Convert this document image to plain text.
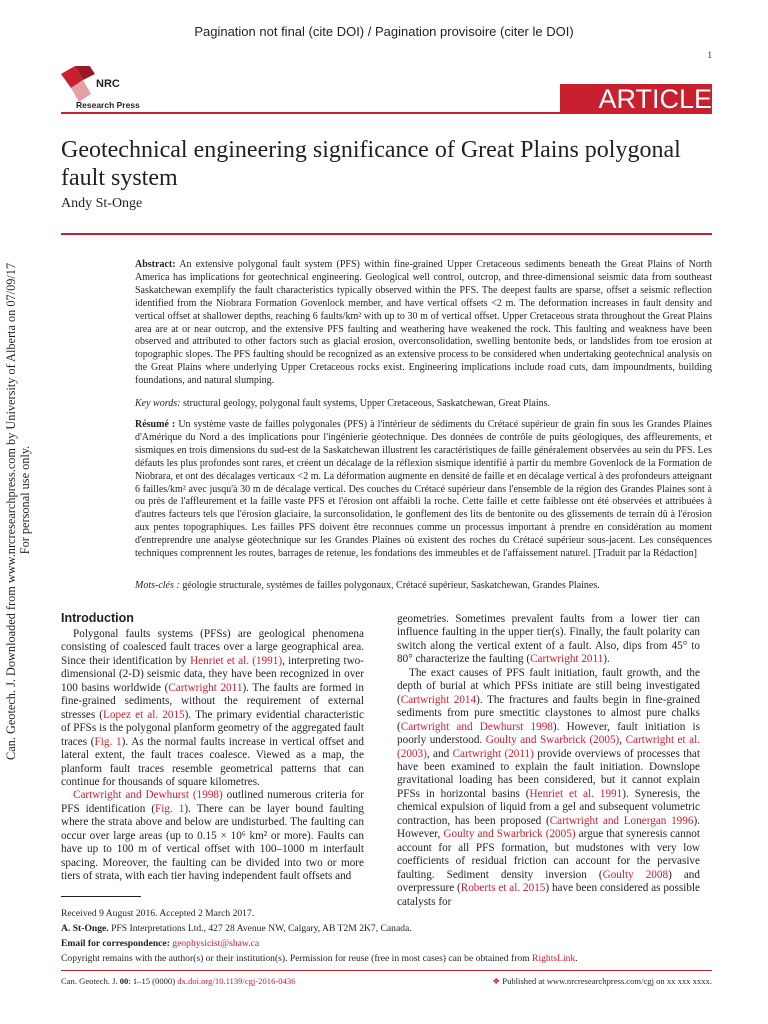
Pagination not final (cite DOI) / Pagination provisoire (citer le DOI)
1
NRC
Research Press	ARTICLE
Geotechnical engineering significance of Great Plains polygonal fault system
Andy St-Onge
Can. Geotech. J. Downloaded from www.nrcresearchpress.com by University of Alberta on 07/09/17 For personal use only.
Abstract: An extensive polygonal fault system (PFS) within fine-grained Upper Cretaceous sediments beneath the Great Plains of North America has implications for geotechnical engineering. Geological well control, outcrop, and three-dimensional seismic data from southeast Saskatchewan exemplify the fault characteristics typically observed within the PFS. The deepest faults are sparse, offset a seismic reflection identified from the Niobrara Formation Govenlock member, and have vertical offsets <2 m. The deformation increases in fault density and vertical offset at shallower depths, reaching 6 faults/km² with up to 30 m of vertical offset. Upper Cretaceous strata throughout the Great Plains area are at or near outcrop, and the extensive PFS faulting and weathering have weakened the rock. This faulting and weakness have been observed and attributed to other factors such as glacial erosion, overconsolidation, swelling bentonite beds, or landslides from toe erosion at topographic slopes. The PFS faulting should be recognized as an extensive process to be considered when undertaking geotechnical analysis on the Great Plains where underlying Upper Cretaceous rocks exist. Engineering implications include road cuts, dam impoundments, building foundations, and natural slumping.
Key words: structural geology, polygonal fault systems, Upper Cretaceous, Saskatchewan, Great Plains.
Résumé : Un système vaste de failles polygonales (PFS) à l'intérieur de sédiments du Crétacé supérieur de grain fin sous les Grandes Plaines d'Amérique du Nord a des implications pour l'ingénierie géotechnique. Des données de contrôle de puits géologiques, des affleurements, et sismiques en trois dimensions du sud-est de la Saskatchewan illustrent les caractéristiques de faille généralement observées au sein du PFS. Les défauts les plus profondes sont rares, et créent un décalage de la réflexion sismique identifié à partir du membre Govenlock de la Formation de Niobrara, et ont des décalages verticaux <2 m. La déformation augmente en densité de faille et en décalage vertical à des profondeurs atteignant 6 failles/km² avec jusqu'à 30 m de décalage vertical. Des couches du Crétacé supérieur dans l'ensemble de la région des Grandes Plaines sont à ou près de l'affleurement et la faille vaste PFS et l'érosion ont affaibli la roche. Cette faille et cette faiblesse ont été observées et attribuées à d'autres facteurs tels que l'érosion glaciaire, la surconsolidation, le gonflement des lits de bentonite ou des glissements de terrain dû à l'érosion aux pentes topographiques. Les failles PFS doivent être reconnues comme un processus important à prendre en considération au moment d'entreprendre une analyse géotechnique sur les Grandes Plaines où existent des roches du Crétacé supérieur sous-jacent. Les conséquences techniques comprennent les routes, barrages de retenue, les fondations des immeubles et de l'affaissement naturel. [Traduit par la Rédaction]
Mots-clés : géologie structurale, systèmes de failles polygonaux, Crétacé supérieur, Saskatchewan, Grandes Plaines.
Introduction

Polygonal faults systems (PFSs) are geological phenomena consisting of coalesced fault traces over a large geographical area. Since their identification by Henriet et al. (1991), interpreting two-dimensional (2-D) seismic data, they have been recognized in over 100 basins worldwide (Cartwright 2011). The faults are formed in fine-grained sediments, without the requirement of external stresses (Lopez et al. 2015). The primary evidential characteristic of PFSs is the polygonal planform geometry of the aggregated fault traces (Fig. 1). As the normal faults increase in vertical offset and lateral extent, the fault traces coalesce. Viewed as a map, the planform fault traces resemble geometrical patterns that can continue for thousands of square kilometres.

Cartwright and Dewhurst (1998) outlined numerous criteria for PFS identification (Fig. 1). There can be layer bound faulting where the strata above and below are undisturbed. The faulting can occur over large areas (up to 0.15 × 10⁶ km² or more). Faults can have up to 100 m of vertical offset with 100–1000 m interfault spacing. Moreover, the faulting can be divided into two or more tiers of strata, with each tier having independent fault offsets and

geometries. Sometimes prevalent faults from a lower tier can influence faulting in the upper tier(s). Finally, the fault polarity can switch along the vertical extent of a fault. Also, dips from 45° to 80° characterize the faulting (Cartwright 2011).

The exact causes of PFS fault initiation, fault growth, and the depth of burial at which PFSs initiate are still being investigated (Cartwright 2014). The fractures and faults begin in fine-grained sediments from pure smectitic claystones to almost pure chalks (Cartwright and Dewhurst 1998). However, fault initiation is poorly understood. Goulty and Swarbrick (2005), Cartwright et al. (2003), and Cartwright (2011) provide overviews of processes that have been examined to explain the fault initiation. Downslope gravitational loading has been considered, but it cannot explain PFSs in horizontal basins (Henriet et al. 1991). Syneresis, the chemical expulsion of liquid from a gel and subsequent volumetric contraction, has been proposed (Cartwright and Lonergan 1996). However, Goulty and Swarbrick (2005) argue that syneresis cannot account for all PFS formation, but mudstones with very low coefficients of residual friction can account for the pervasive faulting. Sediment density inversion (Goulty 2008) and overpressure (Roberts et al. 2015) have been considered as possible catalysts for

Received 9 August 2016. Accepted 2 March 2017.
A. St-Onge. PFS Interpretations Ltd., 427 28 Avenue NW, Calgary, AB T2M 2K7, Canada.
Email for correspondence: geophysicist@shaw.ca
Copyright remains with the author(s) or their institution(s). Permission for reuse (free in most cases) can be obtained from RightsLink.
Can. Geotech. J. 00: 1–15 (0000) dx.doi.org/10.1139/cgj-2016-0436	❖ Published at www.nrcresearchpress.com/cgj on xx xxx xxxx.
